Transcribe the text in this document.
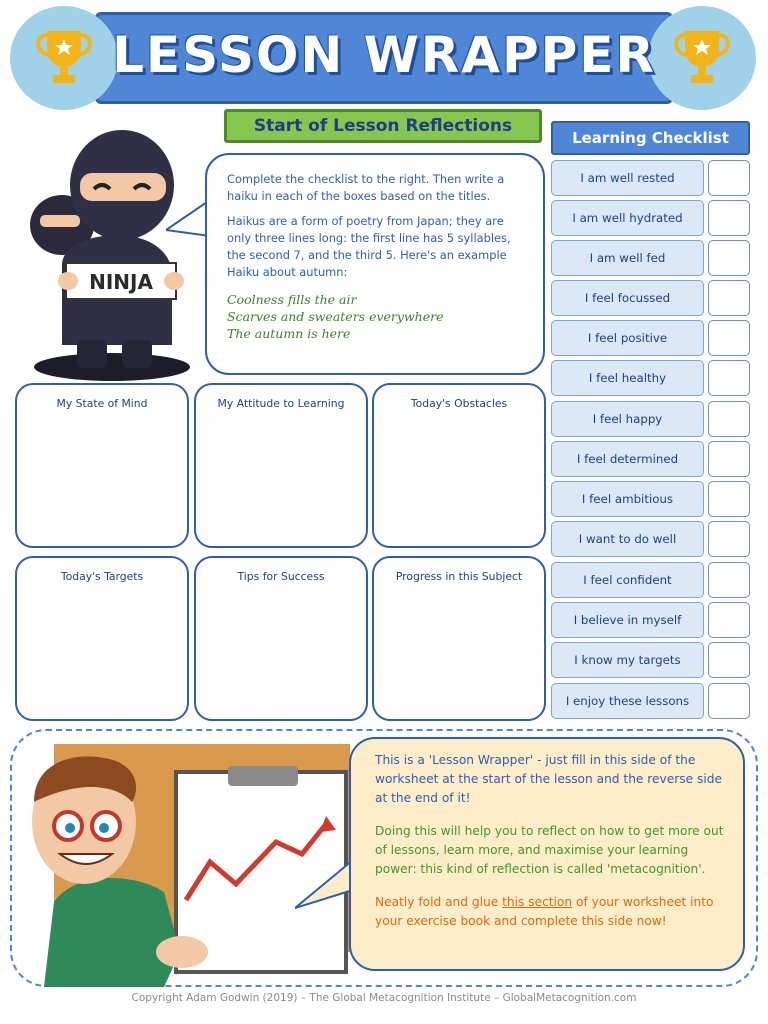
LESSON WRAPPER
Start of Lesson Reflections
NINJA

Complete the checklist to the right. Then write a haiku in each of the boxes based on the titles.

Haikus are a form of poetry from Japan; they are only three lines long: the first line has 5 syllables, the second 7, and the third 5. Here's an example Haiku about autumn:

Coolness fills the air
Scarves and sweaters everywhere
The autumn is here
My State of Mind	My Attitude to Learning	Today's Obstacles
Today's Targets	Tips for Success	Progress in this Subject
Learning Checklist
I am well rested
I am well hydrated
I am well fed
I feel focussed
I feel positive
I feel healthy
I feel happy
I feel determined
I feel ambitious
I want to do well
I feel confident
I believe in myself
I know my targets
I enjoy these lessons

This is a 'Lesson Wrapper' - just fill in this side of the worksheet at the start of the lesson and the reverse side at the end of it!

Doing this will help you to reflect on how to get more out of lessons, learn more, and maximise your learning power: this kind of reflection is called 'metacognition'.

Neatly fold and glue this section of your worksheet into your exercise book and complete this side now!

Copyright Adam Godwin (2019) – The Global Metacognition Institute – GlobalMetacognition.com
